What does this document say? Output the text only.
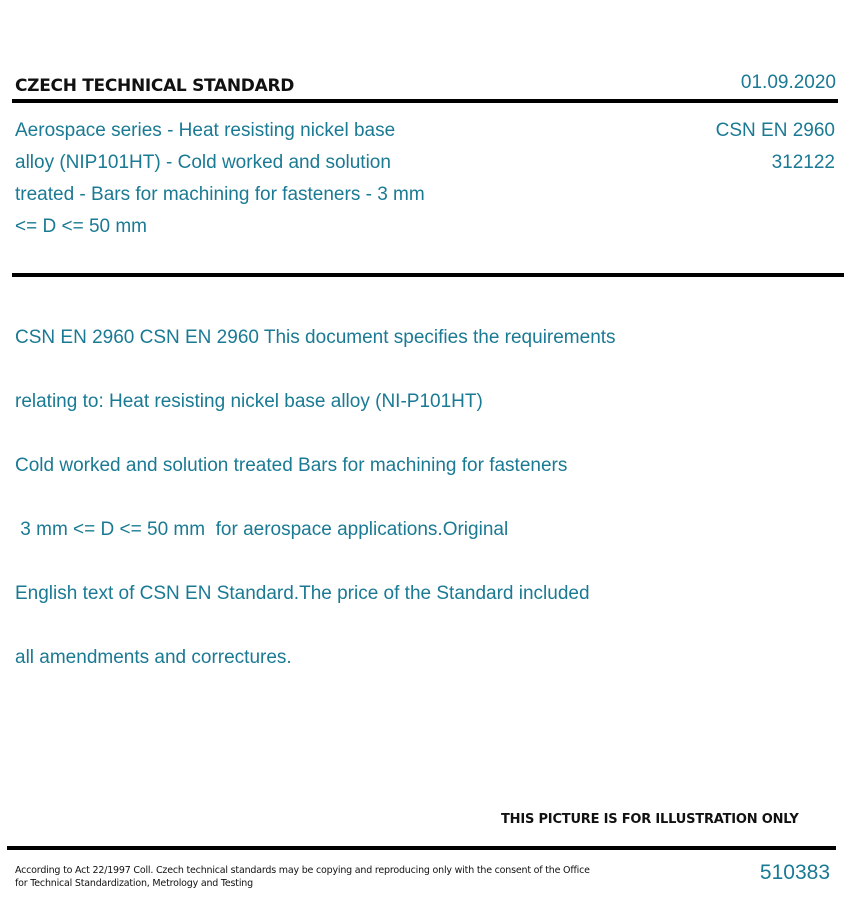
CZECH TECHNICAL STANDARD	01.09.2020
Aerospace series - Heat resisting nickel base alloy (NIP101HT) - Cold worked and solution treated - Bars for machining for fasteners - 3 mm <= D <= 50 mm
CSN EN 2960
312122

CSN EN 2960 CSN EN 2960 This document specifies the requirements

relating to: Heat resisting nickel base alloy (NI-P101HT)

Cold worked and solution treated Bars for machining for fasteners

3 mm <= D <= 50 mm  for aerospace applications.Original

English text of CSN EN Standard.The price of the Standard included

all amendments and correctures.

THIS PICTURE IS FOR ILLUSTRATION ONLY
According to Act 22/1997 Coll. Czech technical standards may be copying and reproducing only with the consent of the Office
for Technical Standardization, Metrology and Testing	510383
